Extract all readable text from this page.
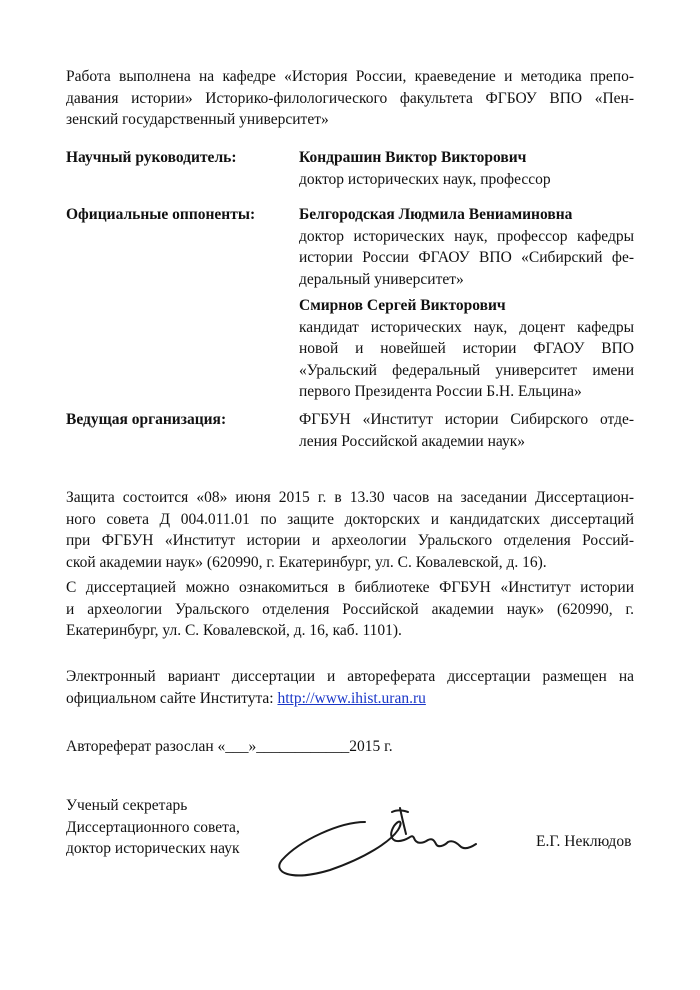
Работа выполнена на кафедре «История России, краеведение и методика препо-
давания истории» Историко-филологического факультета ФГБОУ ВПО «Пен-
зенский государственный университет»
Научный руководитель:	Кондрашин Виктор Викторович
доктор исторических наук, профессор
Официальные оппоненты:	Белгородская Людмила Вениаминовна
доктор исторических наук, профессор кафедры
истории России ФГАОУ ВПО «Сибирский фе-
деральный университет»
Смирнов Сергей Викторович
кандидат исторических наук, доцент кафедры
новой и новейшей истории ФГАОУ ВПО
«Уральский федеральный университет имени
первого Президента России Б.Н. Ельцина»
Ведущая организация:	ФГБУН «Институт истории Сибирского отде-
ления Российской академии наук»
Защита состоится «08» июня 2015 г. в 13.30 часов на заседании Диссертацион-
ного совета Д 004.011.01 по защите докторских и кандидатских диссертаций
при ФГБУН «Институт истории и археологии Уральского отделения Россий-
ской академии наук» (620990, г. Екатеринбург, ул. С. Ковалевской, д. 16).
С диссертацией можно ознакомиться в библиотеке ФГБУН «Институт истории
и археологии Уральского отделения Российской академии наук» (620990, г.
Екатеринбург, ул. С. Ковалевской, д. 16, каб. 1101).
Электронный вариант диссертации и автореферата диссертации размещен на
официальном сайте Института: http://www.ihist.uran.ru
Автореферат разослан «___»____________2015 г.
Ученый секретарь
Диссертационного совета,
доктор исторических наук	Е.Г. Неклюдов
